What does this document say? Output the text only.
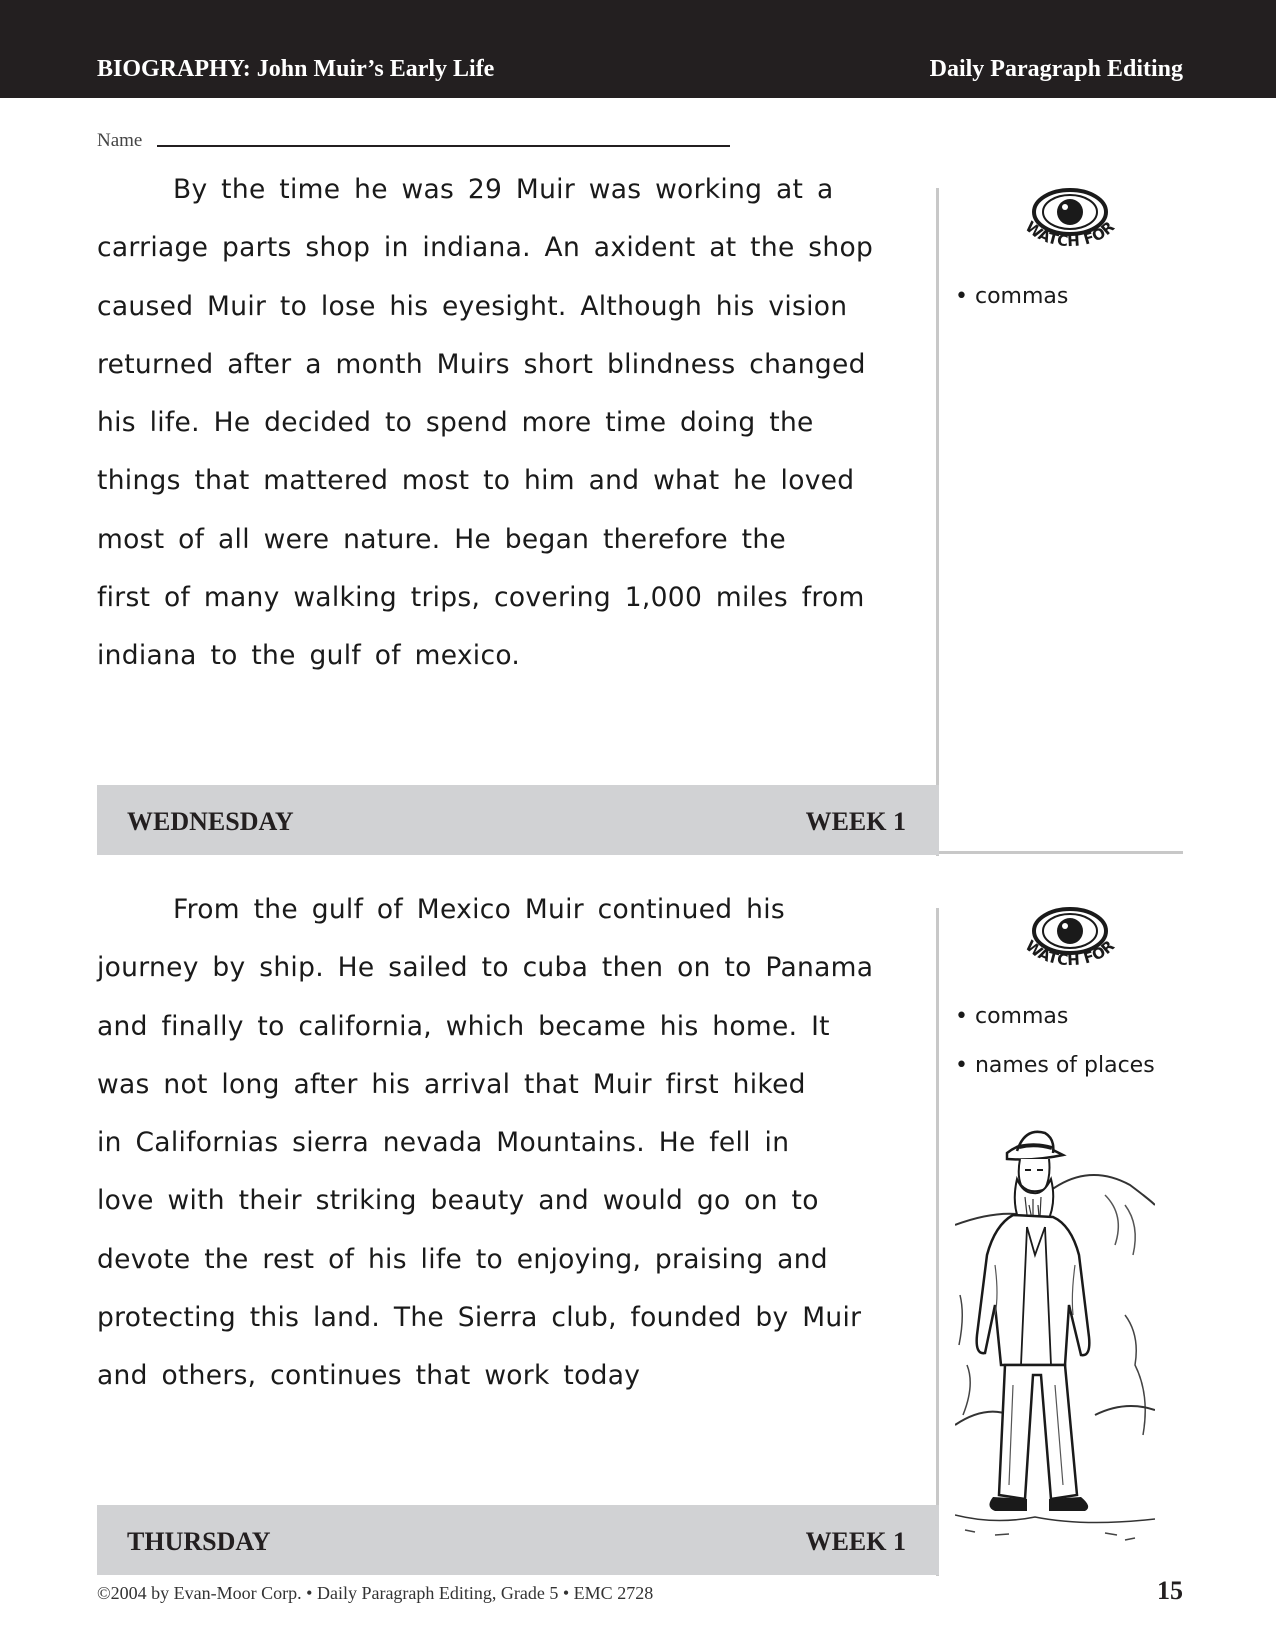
BIOGRAPHY: John Muir’s Early Life	Daily Paragraph Editing
Name
By the time he was 29 Muir was working at a
carriage parts shop in indiana. An axident at the shop
caused Muir to lose his eyesight. Although his vision
returned after a month Muirs short blindness changed
his life. He decided to spend more time doing the
things that mattered most to him and what he loved
most of all were nature. He began therefore the
first of many walking trips, covering 1,000 miles from
indiana to the gulf of mexico.
WATCH FOR
• commas
WEDNESDAY	WEEK 1
From the gulf of Mexico Muir continued his
journey by ship. He sailed to cuba then on to Panama
and finally to california, which became his home. It
was not long after his arrival that Muir first hiked
in Californias sierra nevada Mountains. He fell in
love with their striking beauty and would go on to
devote the rest of his life to enjoying, praising and
protecting this land. The Sierra club, founded by Muir
and others, continues that work today
WATCH FOR
• commas
• names of places
THURSDAY	WEEK 1
©2004 by Evan-Moor Corp. • Daily Paragraph Editing, Grade 5 • EMC 2728	15
